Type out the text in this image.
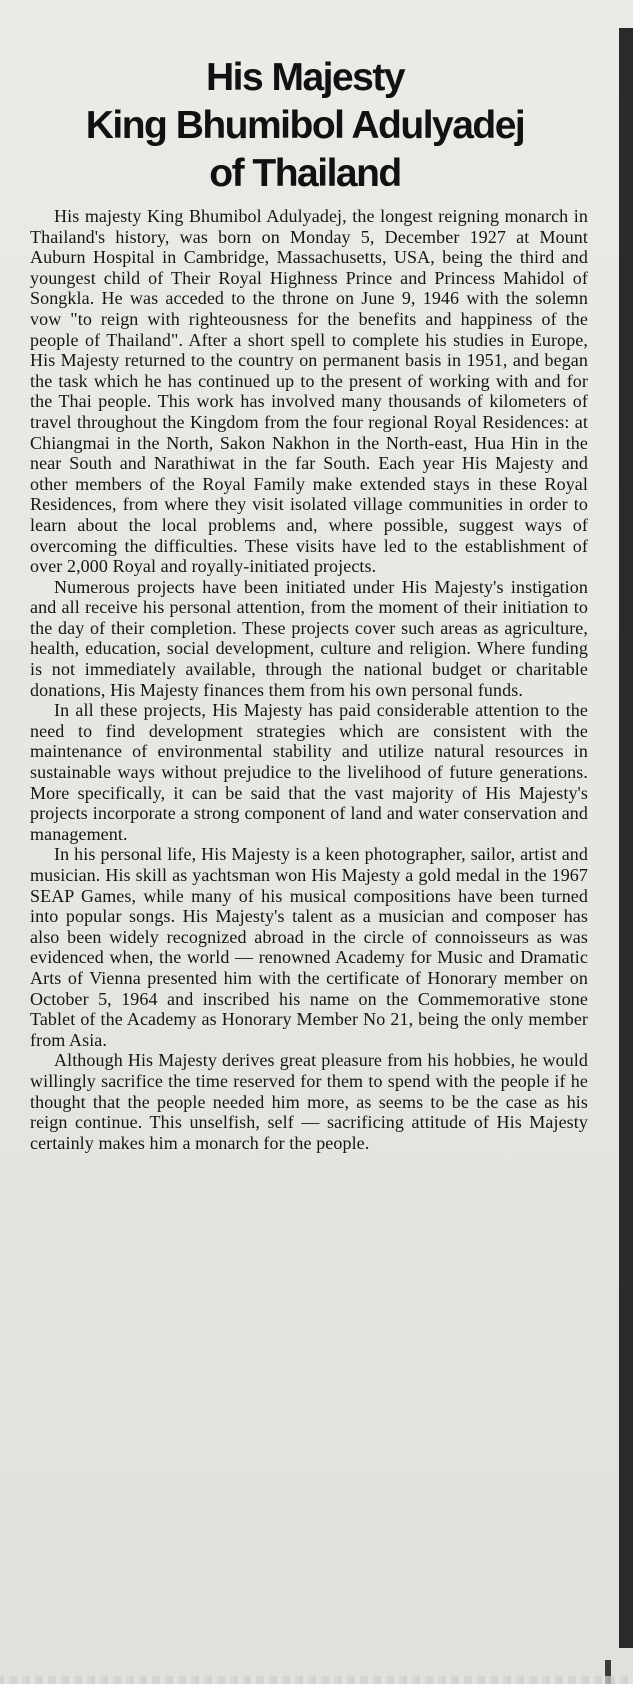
His Majesty
King Bhumibol Adulyadej
of Thailand

His majesty King Bhumibol Adulyadej, the longest reigning monarch in Thailand's history, was born on Monday 5, December 1927 at Mount Auburn Hospital in Cambridge, Massachusetts, USA, being the third and youngest child of Their Royal Highness Prince and Princess Mahidol of Songkla. He was acceded to the throne on June 9, 1946 with the solemn vow "to reign with righteousness for the benefits and happiness of the people of Thailand". After a short spell to complete his studies in Europe, His Majesty returned to the country on permanent basis in 1951, and began the task which he has continued up to the present of working with and for the Thai people. This work has involved many thousands of kilometers of travel throughout the Kingdom from the four regional Royal Residences: at Chiangmai in the North, Sakon Nakhon in the North-east, Hua Hin in the near South and Narathiwat in the far South. Each year His Majesty and other members of the Royal Family make extended stays in these Royal Residences, from where they visit isolated village communities in order to learn about the local problems and, where possible, suggest ways of overcoming the difficulties. These visits have led to the establishment of over 2,000 Royal and royally-initiated projects.

Numerous projects have been initiated under His Majesty's instigation and all receive his personal attention, from the moment of their initiation to the day of their completion. These projects cover such areas as agriculture, health, education, social development, culture and religion. Where funding is not immediately available, through the national budget or charitable donations, His Majesty finances them from his own personal funds.

In all these projects, His Majesty has paid considerable attention to the need to find development strategies which are consistent with the maintenance of environmental stability and utilize natural resources in sustainable ways without prejudice to the livelihood of future generations. More specifically, it can be said that the vast majority of His Majesty's projects incorporate a strong component of land and water conservation and management.

In his personal life, His Majesty is a keen photographer, sailor, artist and musician. His skill as yachtsman won His Majesty a gold medal in the 1967 SEAP Games, while many of his musical compositions have been turned into popular songs. His Majesty's talent as a musician and composer has also been widely recognized abroad in the circle of connoisseurs as was evidenced when, the world — renowned Academy for Music and Dramatic Arts of Vienna presented him with the certificate of Honorary member on October 5, 1964 and inscribed his name on the Commemorative stone Tablet of the Academy as Honorary Member No 21, being the only member from Asia.

Although His Majesty derives great pleasure from his hobbies, he would willingly sacrifice the time reserved for them to spend with the people if he thought that the people needed him more, as seems to be the case as his reign continue. This unselfish, self — sacrificing attitude of His Majesty certainly makes him a monarch for the people.
